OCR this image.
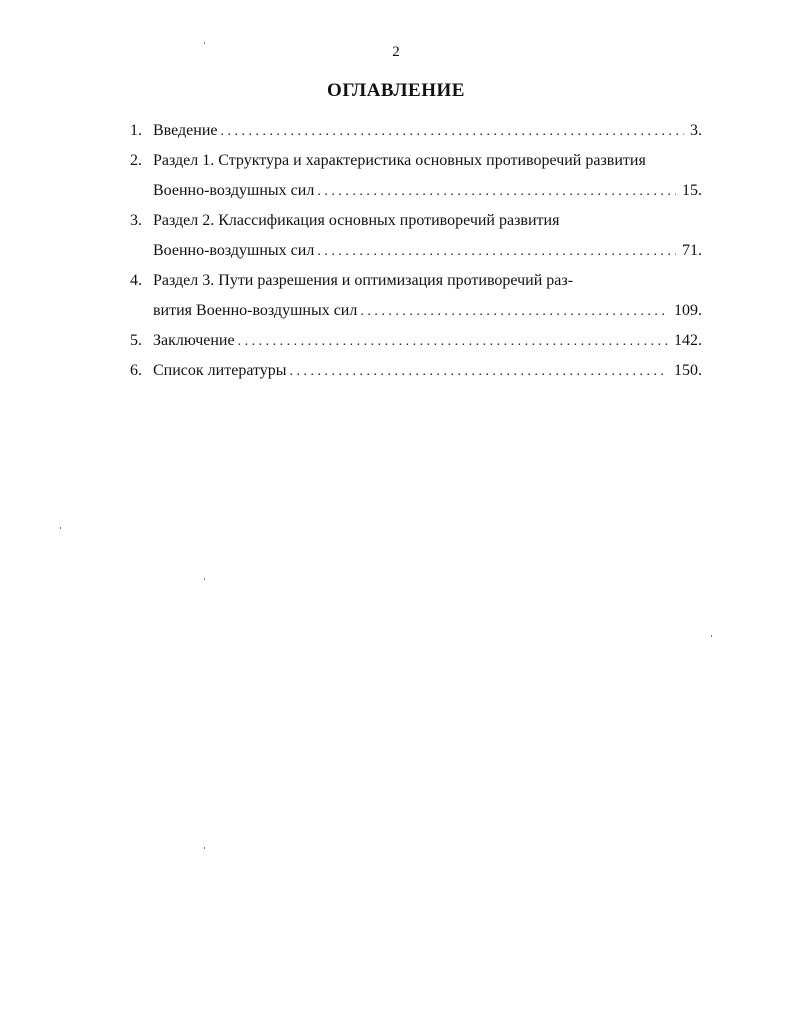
2
ОГЛАВЛЕНИЕ
1. Введение . . .	3.
2. Раздел 1. Структура и характеристика основных противоречий развития
Военно-воздушных сил . . .	15.
3. Раздел 2. Классификация основных противоречий развития
Военно-воздушных сил . . .	71.
4. Раздел 3. Пути разрешения и оптимизация противоречий раз-
вития Военно-воздушных сил . . .	109.
5. Заключение . . .	142.
6. Список литературы . . .	150.
